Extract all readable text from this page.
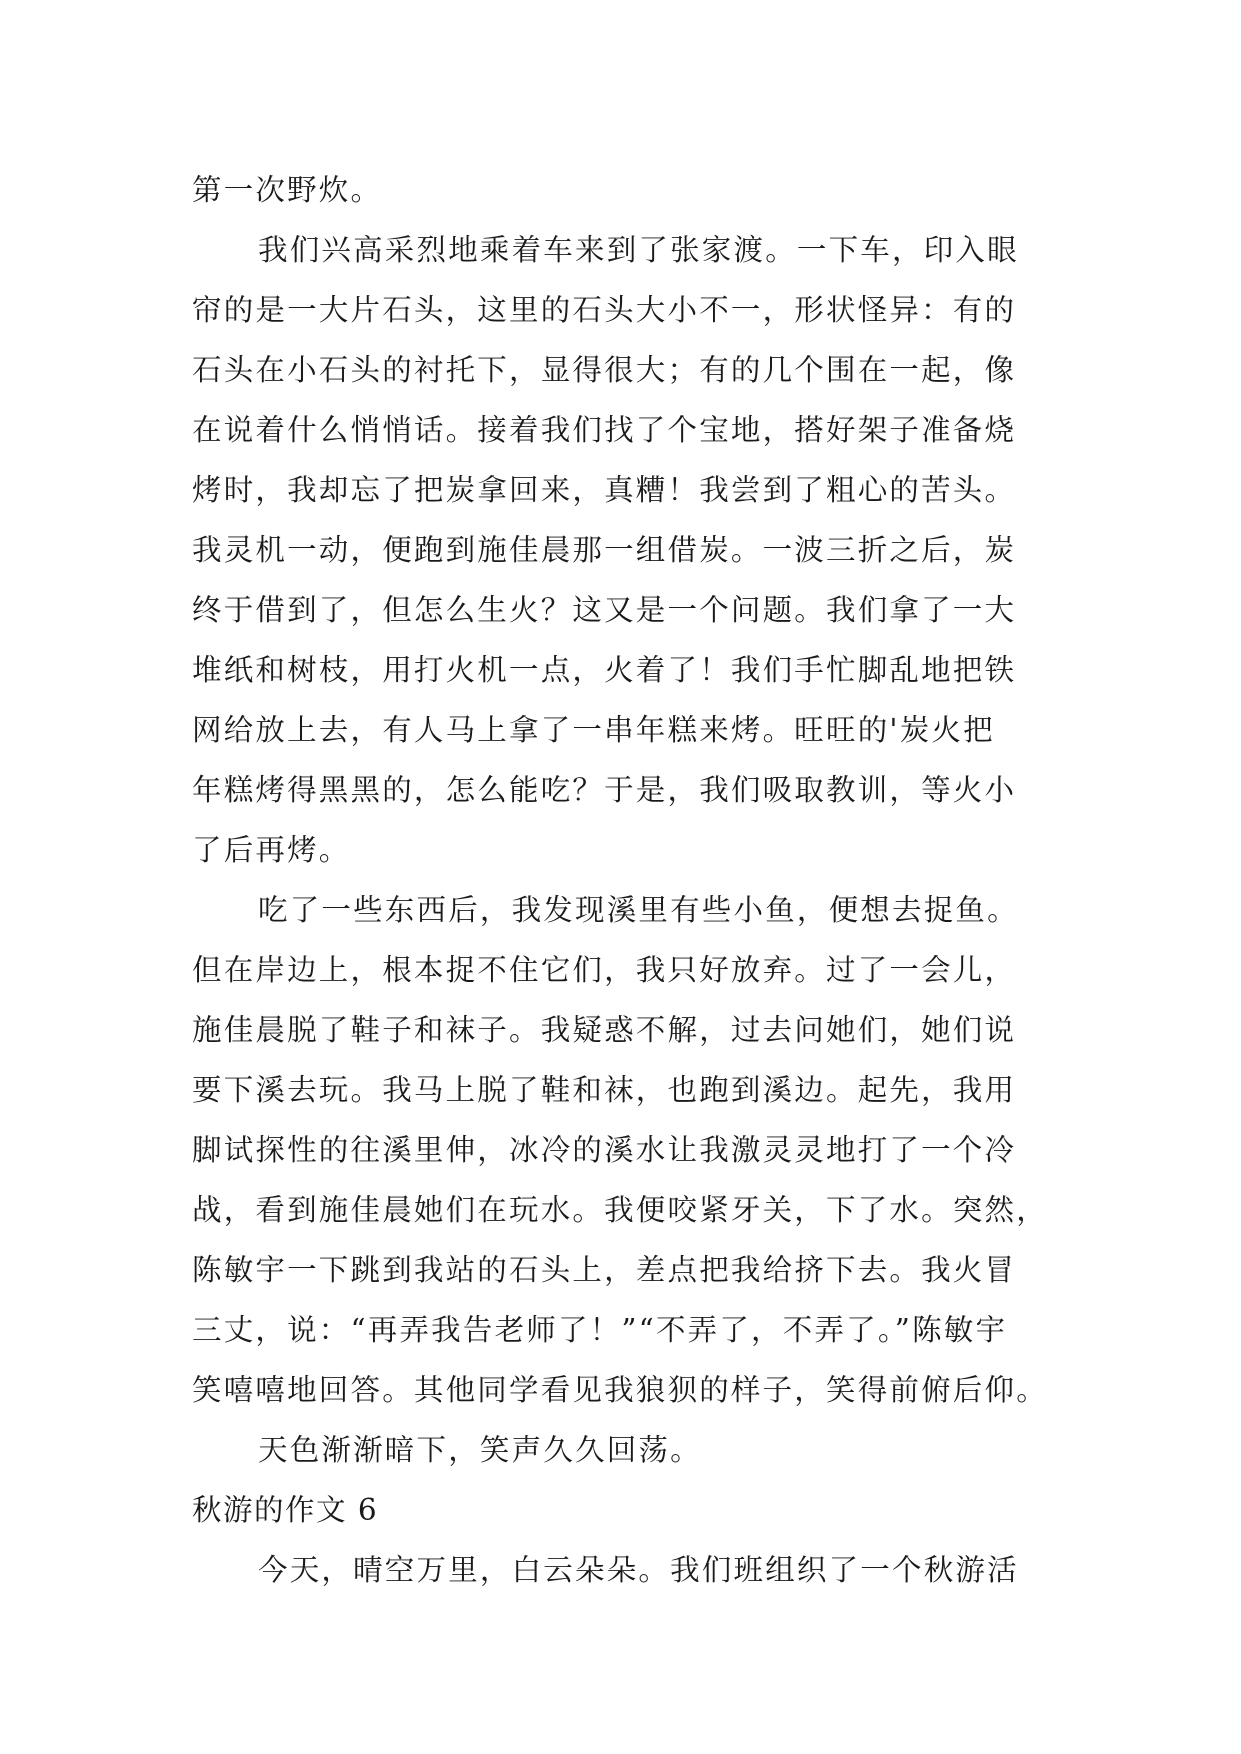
第一次野炊。
我们兴高采烈地乘着车来到了张家渡。一下车，印入眼
帘的是一大片石头，这里的石头大小不一，形状怪异：有的
石头在小石头的衬托下，显得很大；有的几个围在一起，像
在说着什么悄悄话。接着我们找了个宝地，搭好架子准备烧
烤时，我却忘了把炭拿回来，真糟！我尝到了粗心的苦头。
我灵机一动，便跑到施佳晨那一组借炭。一波三折之后，炭
终于借到了，但怎么生火？这又是一个问题。我们拿了一大
堆纸和树枝，用打火机一点，火着了！我们手忙脚乱地把铁
网给放上去，有人马上拿了一串年糕来烤。旺旺的'炭火把
年糕烤得黑黑的，怎么能吃？于是，我们吸取教训，等火小
了后再烤。
吃了一些东西后，我发现溪里有些小鱼，便想去捉鱼。
但在岸边上，根本捉不住它们，我只好放弃。过了一会儿，
施佳晨脱了鞋子和袜子。我疑惑不解，过去问她们，她们说
要下溪去玩。我马上脱了鞋和袜，也跑到溪边。起先，我用
脚试探性的往溪里伸，冰冷的溪水让我激灵灵地打了一个冷
战，看到施佳晨她们在玩水。我便咬紧牙关，下了水。突然，
陈敏宇一下跳到我站的石头上，差点把我给挤下去。我火冒
三丈，说：“再弄我告老师了！”“不弄了，不弄了。”陈敏宇
笑嘻嘻地回答。其他同学看见我狼狈的样子，笑得前俯后仰。
天色渐渐暗下，笑声久久回荡。
秋游的作文 6
今天，晴空万里，白云朵朵。我们班组织了一个秋游活
